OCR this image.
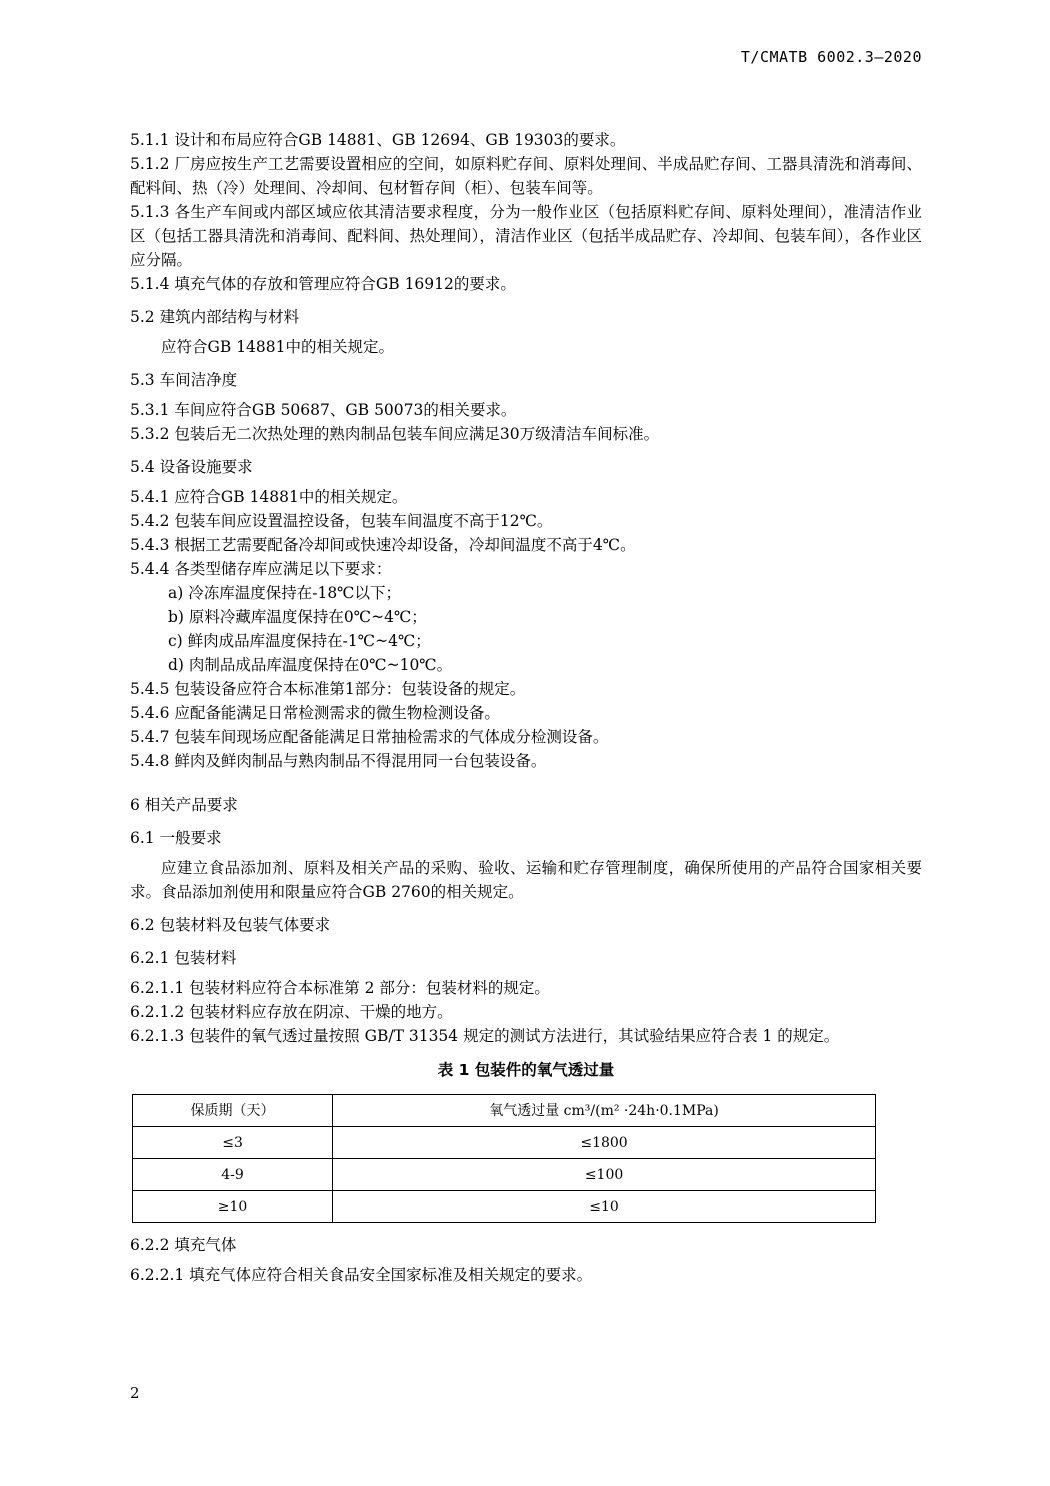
T/CMATB 6002.3—2020

5.1.1 设计和布局应符合GB 14881、GB 12694、GB 19303的要求。

5.1.2 厂房应按生产工艺需要设置相应的空间，如原料贮存间、原料处理间、半成品贮存间、工器具清洗和消毒间、配料间、热（冷）处理间、冷却间、包材暂存间（柜）、包装车间等。

5.1.3 各生产车间或内部区域应依其清洁要求程度，分为一般作业区（包括原料贮存间、原料处理间），准清洁作业区（包括工器具清洗和消毒间、配料间、热处理间），清洁作业区（包括半成品贮存、冷却间、包装车间），各作业区应分隔。

5.1.4 填充气体的存放和管理应符合GB 16912的要求。

5.2 建筑内部结构与材料

应符合GB 14881中的相关规定。

5.3 车间洁净度

5.3.1 车间应符合GB 50687、GB 50073的相关要求。

5.3.2 包装后无二次热处理的熟肉制品包装车间应满足30万级清洁车间标准。

5.4 设备设施要求

5.4.1 应符合GB 14881中的相关规定。

5.4.2 包装车间应设置温控设备，包装车间温度不高于12℃。

5.4.3 根据工艺需要配备冷却间或快速冷却设备，冷却间温度不高于4℃。

5.4.4 各类型储存库应满足以下要求：

a) 冷冻库温度保持在-18℃以下；

b) 原料冷藏库温度保持在0℃~4℃；

c) 鲜肉成品库温度保持在-1℃~4℃；

d) 肉制品成品库温度保持在0℃~10℃。

5.4.5 包装设备应符合本标准第1部分：包装设备的规定。

5.4.6 应配备能满足日常检测需求的微生物检测设备。

5.4.7 包装车间现场应配备能满足日常抽检需求的气体成分检测设备。

5.4.8 鲜肉及鲜肉制品与熟肉制品不得混用同一台包装设备。

6 相关产品要求

6.1 一般要求

应建立食品添加剂、原料及相关产品的采购、验收、运输和贮存管理制度，确保所使用的产品符合国家相关要求。食品添加剂使用和限量应符合GB 2760的相关规定。

6.2 包装材料及包装气体要求

6.2.1 包装材料

6.2.1.1 包装材料应符合本标准第 2 部分：包装材料的规定。

6.2.1.2 包装材料应存放在阴凉、干燥的地方。

6.2.1.3 包装件的氧气透过量按照 GB/T 31354 规定的测试方法进行，其试验结果应符合表 1 的规定。

表 1 包装件的氧气透过量
保质期（天）	氧气透过量 cm³/(m² ·24h·0.1MPa)
≤3	≤1800
4-9	≤100
≥10	≤10

6.2.2 填充气体

6.2.2.1 填充气体应符合相关食品安全国家标准及相关规定的要求。

2
